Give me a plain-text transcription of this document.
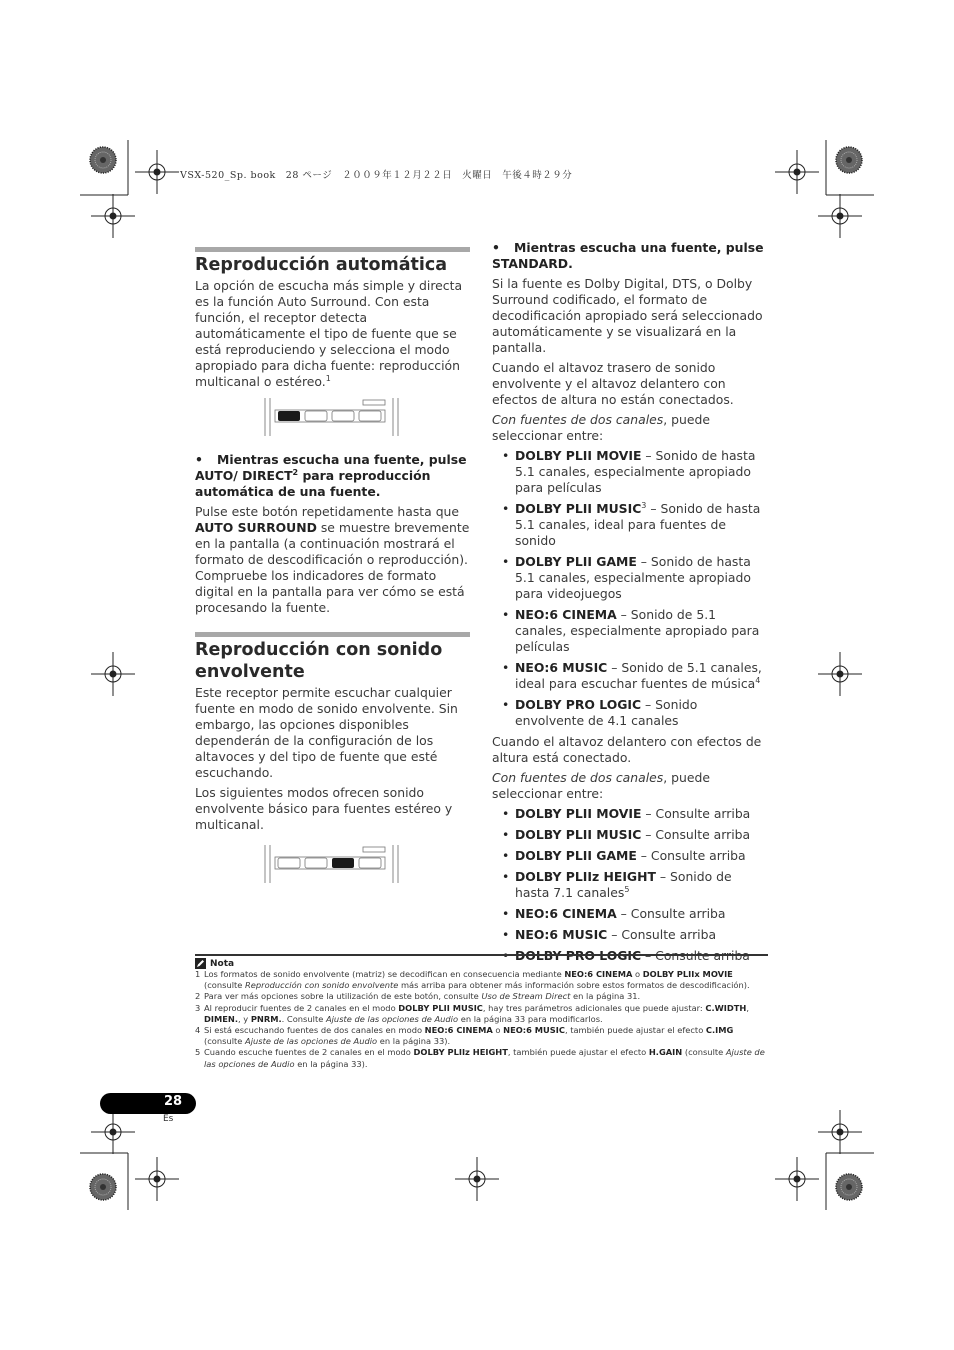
VSX-520_Sp. book　28 ページ　２００９年１２月２２日　火曜日　午後４時２９分
Reproducción automática

La opción de escucha más simple y directa es la función Auto Surround. Con esta función, el receptor detecta automáticamente el tipo de fuente que se está reproduciendo y selecciona el modo apropiado para dicha fuente: reproducción multicanal o estéreo.$^1$

• Mientras escucha una fuente, pulse AUTO/ DIRECT$^2$ para reproducción automática de una fuente.

Pulse este botón repetidamente hasta que AUTO SURROUND se muestre brevemente en la pantalla (a continuación mostrará el formato de descodificación o reproducción). Compruebe los indicadores de formato digital en la pantalla para ver cómo se está procesando la fuente.

Reproducción con sonido envolvente

Este receptor permite escuchar cualquier fuente en modo de sonido envolvente. Sin embargo, las opciones disponibles dependerán de la configuración de los altavoces y del tipo de fuente que esté escuchando.

Los siguientes modos ofrecen sonido envolvente básico para fuentes estéreo y multicanal.

• Mientras escucha una fuente, pulse

STANDARD.

Si la fuente es Dolby Digital, DTS, o Dolby Surround codificado, el formato de decodificación apropiado será seleccionado automáticamente y se visualizará en la pantalla.

Cuando el altavoz trasero de sonido envolvente y el altavoz delantero con efectos de altura no están conectados.

Con fuentes de dos canales, puede seleccionar entre:

• DOLBY PLII MOVIE – Sonido de hasta 5.1 canales, especialmente apropiado para películas
• DOLBY PLII MUSIC$^3$ – Sonido de hasta 5.1 canales, ideal para fuentes de sonido
• DOLBY PLII GAME – Sonido de hasta 5.1 canales, especialmente apropiado para videojuegos
• NEO:6 CINEMA – Sonido de 5.1 canales, especialmente apropiado para películas
• NEO:6 MUSIC – Sonido de 5.1 canales, ideal para escuchar fuentes de música$^4$
• DOLBY PRO LOGIC – Sonido envolvente de 4.1 canales

Cuando el altavoz delantero con efectos de altura está conectado.

Con fuentes de dos canales, puede seleccionar entre:

• DOLBY PLII MOVIE – Consulte arriba
• DOLBY PLII MUSIC – Consulte arriba
• DOLBY PLII GAME – Consulte arriba
• DOLBY PLIIz HEIGHT – Sonido de hasta 7.1 canales$^5$
• NEO:6 CINEMA – Consulte arriba
• NEO:6 MUSIC – Consulte arriba
• DOLBY PRO LOGIC – Consulte arriba
Nota
1 Los formatos de sonido envolvente (matriz) se decodifican en consecuencia mediante NEO:6 CINEMA o DOLBY PLIIx MOVIE (consulte Reproducción con sonido envolvente más arriba para obtener más información sobre estos formatos de descodificación).
2 Para ver más opciones sobre la utilización de este botón, consulte Uso de Stream Direct en la página 31.
3 Al reproducir fuentes de 2 canales en el modo DOLBY PLII MUSIC, hay tres parámetros adicionales que puede ajustar: C.WIDTH, DIMEN., y PNRM.. Consulte Ajuste de las opciones de Audio en la página 33 para modificarlos.
4 Si está escuchando fuentes de dos canales en modo NEO:6 CINEMA o NEO:6 MUSIC, también puede ajustar el efecto C.IMG (consulte Ajuste de las opciones de Audio en la página 33).
5 Cuando escuche fuentes de 2 canales en el modo DOLBY PLIIz HEIGHT, también puede ajustar el efecto H.GAIN (consulte Ajuste de las opciones de Audio en la página 33).
28
Es
